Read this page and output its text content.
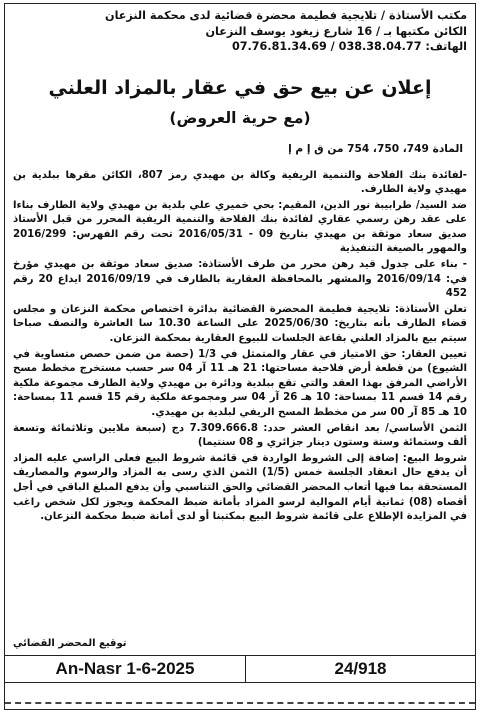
مكتب الأستاذة / تلايجية فطيمة محضرة قضائية لدى محكمة النزعان

الكائن مكتبها بـ / 16 شارع زيغود يوسف النزعان

الهاتف: 038.38.04.77 / 07.76.81.34.69

إعلان عن بيع حق في عقار بالمزاد العلني
(مع حرية العروض)
المادة 749، 750، 754 من ق إ م إ

-لفائدة بنك الفلاحة والتنمية الريفية وكالة بن مهيدي رمز 807، الكائن مقرها ببلدية بن مهيدي ولاية الطارف.

ضد السيد/ طرابيبة نور الدين، المقيم: بحي خميري علي بلدية بن مهيدي ولاية الطارف بناءا على عقد رهن رسمي عقاري لفائدة بنك الفلاحة والتنمية الريفية المحرر من قبل الأستاذ صديق سعاد موثقة بن مهيدي بتاريخ 09 - 2016/05/31 تحت رقم الفهرس: 2016/299 والمهور بالصيغة التنفيذية

- بناء على جدول قيد رهن محرر من طرف الأستاذة: صديق سعاد موثقة بن مهيدي مؤرخ في: 2016/09/14 والمشهر بالمحافظة العقارية بالطارف في 2016/09/19 ايداع 20 رقم 452

تعلن الأستاذة: تلايجية فطيمة المحضرة القضائية بدائرة اختصاص محكمة النزعان و مجلس قضاء الطارف بأنه بتاريخ: 2025/06/30 على الساعة 10.30 سا العاشرة والنصف صباحا سيتم بيع بالمزاد العلني بقاعة الجلسات للبيوع العقارية بمحكمة النزعان.

تعيين العقار: حق الامتياز في عقار والمتمثل في 1/3 (حصة من ضمن حصص متساوية في الشيوع) من قطعة أرض فلاحية مساحتها: 21 هـ 11 آر 04 سر حسب مستخرج مخطط مسح الأراضي المرفق بهذا العقد والتي تقع ببلدية ودائرة بن مهيدي ولاية الطارف مجموعة ملكية رقم 14 قسم 11 بمساحة: 10 هـ 26 آر 04 سر ومجموعة ملكية رقم 15 قسم 11 بمساحة: 10 هـ 85 آر 00 سر من مخطط المسح الريفي لبلدية بن مهيدي.

الثمن الأساسي/ بعد انقاص العشر حدد: 7.309.666.8 دج (سبعة ملايين وثلاثمائة وتسعة ألف وستمائة وستة وستون دينار جزائري و 08 سنتيما)

شروط البيع: إضافة إلى الشروط الواردة في قائمة شروط البيع فعلى الراسي عليه المزاد أن يدفع حال انعقاد الجلسة خمس (1/5) الثمن الذي رسى به المزاد والرسوم والمصاريف المستحقة بما فيها أتعاب المحضر القضائي والحق التناسبي وأن يدفع المبلغ الباقي في أجل أقصاه (08) ثمانية أيام الموالية لرسو المزاد بأمانة ضبط المحكمة ويجوز لكل شخص راغب في المزايدة الإطلاع على قائمة شروط البيع بمكتبنا أو لدى أمانة ضبط محكمة النزعان.

توقيع المحضر القضائي
An-Nasr 1-6-2025	24/918
